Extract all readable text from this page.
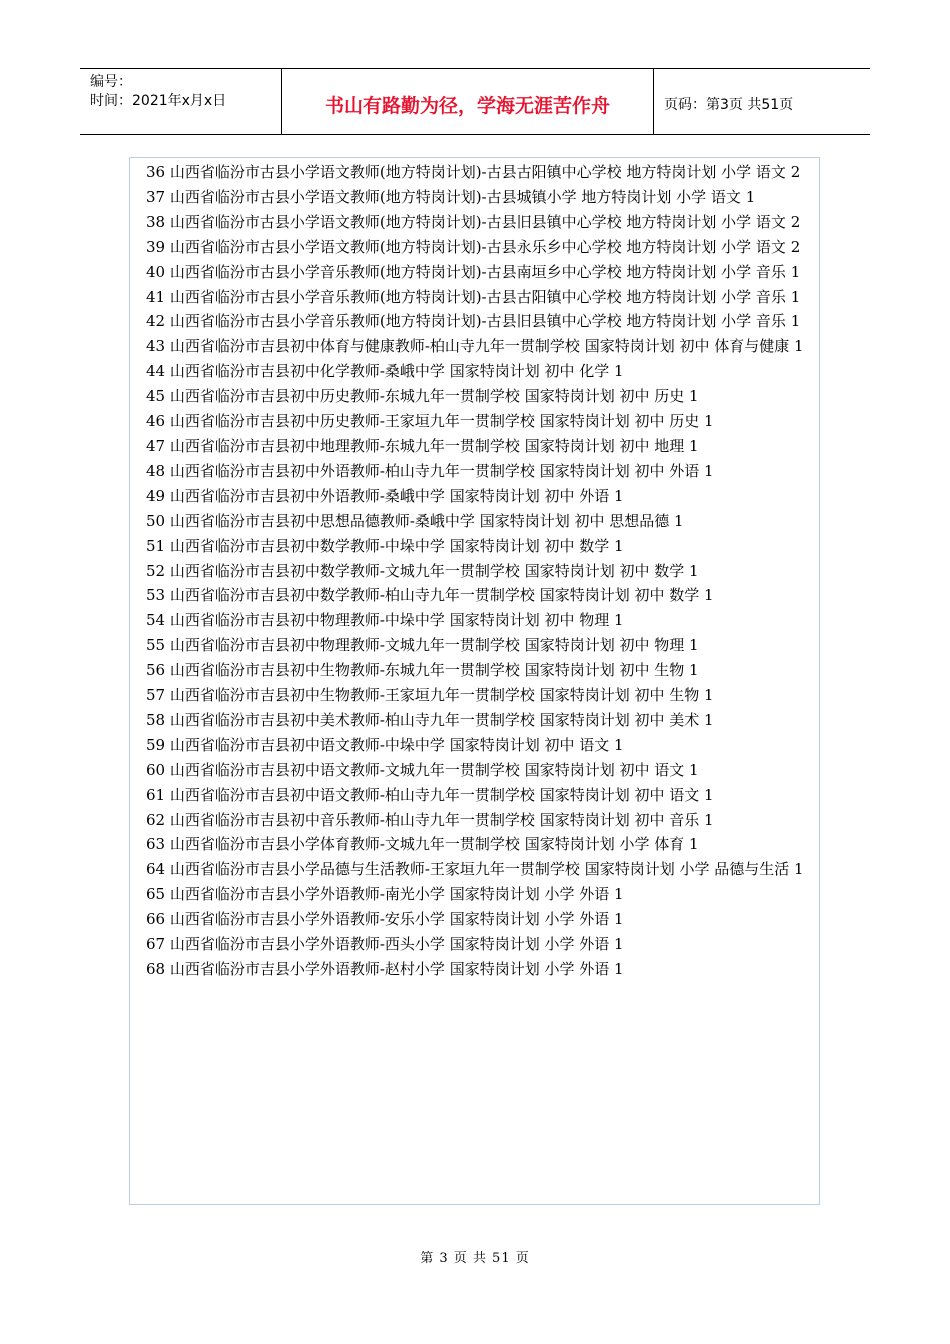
编号：
时间：2021年x月x日	书山有路勤为径，学海无涯苦作舟	页码：第3页 共51页
36 山西省临汾市古县小学语文教师(地方特岗计划)-古县古阳镇中心学校 地方特岗计划 小学 语文 2
37 山西省临汾市古县小学语文教师(地方特岗计划)-古县城镇小学 地方特岗计划 小学 语文 1
38 山西省临汾市古县小学语文教师(地方特岗计划)-古县旧县镇中心学校 地方特岗计划 小学 语文 2
39 山西省临汾市古县小学语文教师(地方特岗计划)-古县永乐乡中心学校 地方特岗计划 小学 语文 2
40 山西省临汾市古县小学音乐教师(地方特岗计划)-古县南垣乡中心学校 地方特岗计划 小学 音乐 1
41 山西省临汾市古县小学音乐教师(地方特岗计划)-古县古阳镇中心学校 地方特岗计划 小学 音乐 1
42 山西省临汾市古县小学音乐教师(地方特岗计划)-古县旧县镇中心学校 地方特岗计划 小学 音乐 1
43 山西省临汾市吉县初中体育与健康教师-柏山寺九年一贯制学校 国家特岗计划 初中 体育与健康 1
44 山西省临汾市吉县初中化学教师-桑峨中学 国家特岗计划 初中 化学 1
45 山西省临汾市吉县初中历史教师-东城九年一贯制学校 国家特岗计划 初中 历史 1
46 山西省临汾市吉县初中历史教师-王家垣九年一贯制学校 国家特岗计划 初中 历史 1
47 山西省临汾市吉县初中地理教师-东城九年一贯制学校 国家特岗计划 初中 地理 1
48 山西省临汾市吉县初中外语教师-柏山寺九年一贯制学校 国家特岗计划 初中 外语 1
49 山西省临汾市吉县初中外语教师-桑峨中学 国家特岗计划 初中 外语 1
50 山西省临汾市吉县初中思想品德教师-桑峨中学 国家特岗计划 初中 思想品德 1
51 山西省临汾市吉县初中数学教师-中垛中学 国家特岗计划 初中 数学 1
52 山西省临汾市吉县初中数学教师-文城九年一贯制学校 国家特岗计划 初中 数学 1
53 山西省临汾市吉县初中数学教师-柏山寺九年一贯制学校 国家特岗计划 初中 数学 1
54 山西省临汾市吉县初中物理教师-中垛中学 国家特岗计划 初中 物理 1
55 山西省临汾市吉县初中物理教师-文城九年一贯制学校 国家特岗计划 初中 物理 1
56 山西省临汾市吉县初中生物教师-东城九年一贯制学校 国家特岗计划 初中 生物 1
57 山西省临汾市吉县初中生物教师-王家垣九年一贯制学校 国家特岗计划 初中 生物 1
58 山西省临汾市吉县初中美术教师-柏山寺九年一贯制学校 国家特岗计划 初中 美术 1
59 山西省临汾市吉县初中语文教师-中垛中学 国家特岗计划 初中 语文 1
60 山西省临汾市吉县初中语文教师-文城九年一贯制学校 国家特岗计划 初中 语文 1
61 山西省临汾市吉县初中语文教师-柏山寺九年一贯制学校 国家特岗计划 初中 语文 1
62 山西省临汾市吉县初中音乐教师-柏山寺九年一贯制学校 国家特岗计划 初中 音乐 1
63 山西省临汾市吉县小学体育教师-文城九年一贯制学校 国家特岗计划 小学 体育 1
64 山西省临汾市吉县小学品德与生活教师-王家垣九年一贯制学校 国家特岗计划 小学 品德与生活 1
65 山西省临汾市吉县小学外语教师-南光小学 国家特岗计划 小学 外语 1
66 山西省临汾市吉县小学外语教师-安乐小学 国家特岗计划 小学 外语 1
67 山西省临汾市吉县小学外语教师-西头小学 国家特岗计划 小学 外语 1
68 山西省临汾市吉县小学外语教师-赵村小学 国家特岗计划 小学 外语 1
第 3 页 共 51 页
